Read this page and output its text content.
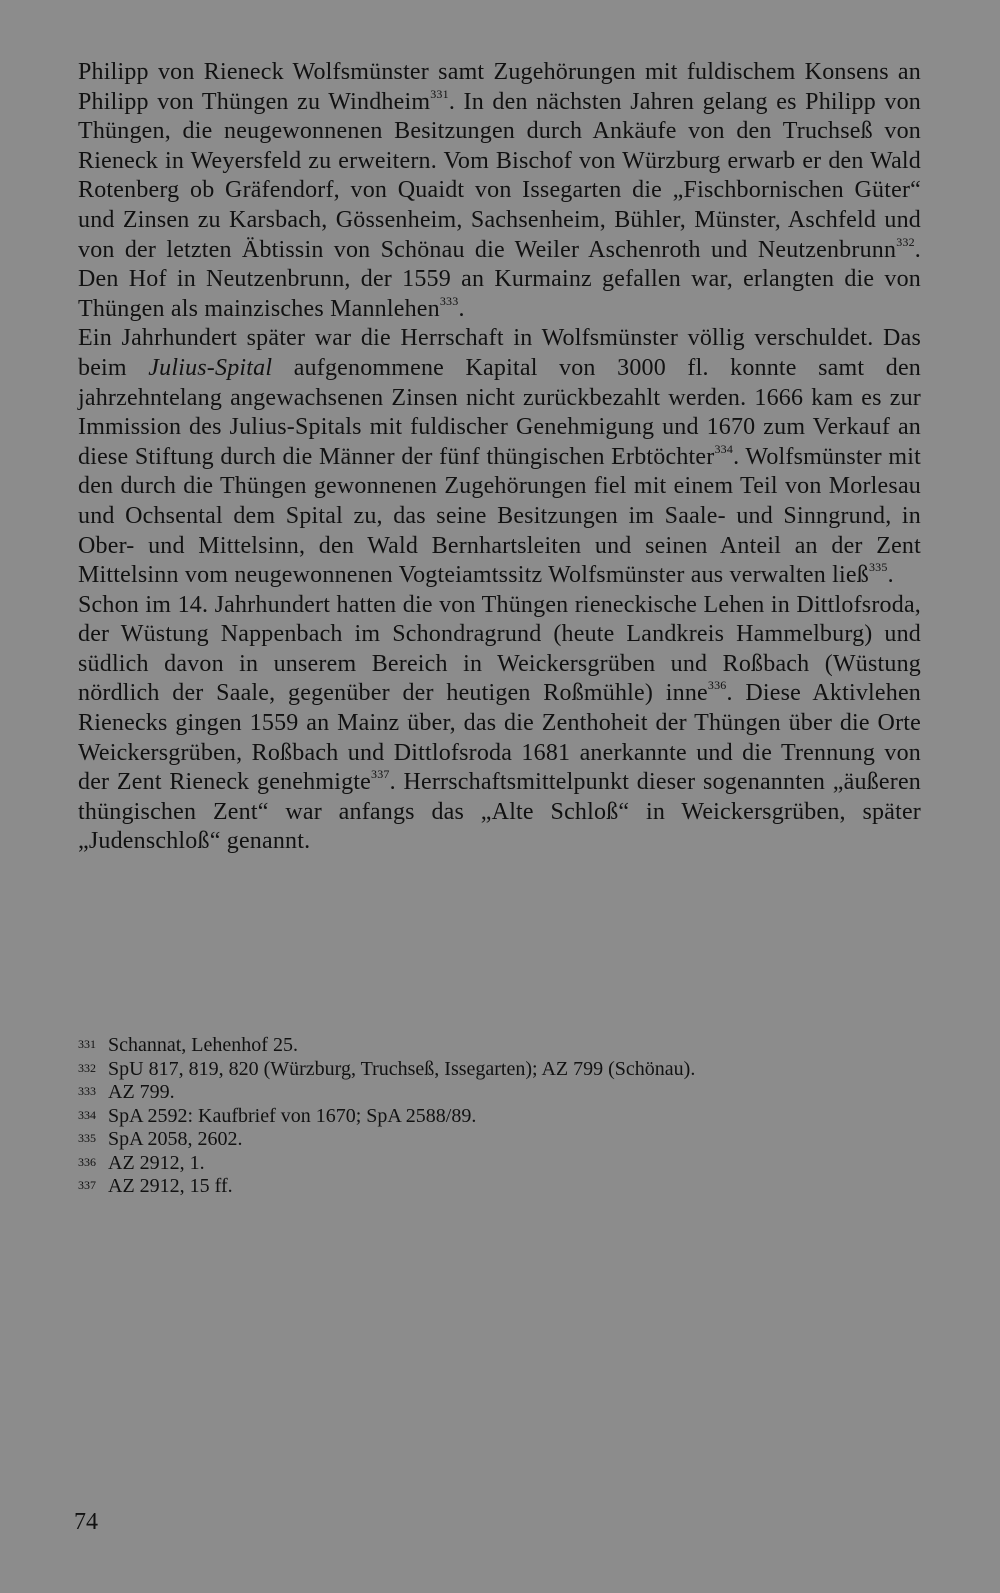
Philipp von Rieneck Wolfsmünster samt Zugehörungen mit fuldischem Konsens an Philipp von Thüngen zu Windheim$^{331}$. In den nächsten Jahren gelang es Philipp von Thüngen, die neugewonnenen Besitzungen durch Ankäufe von den Truchseß von Rieneck in Weyersfeld zu erweitern. Vom Bischof von Würzburg erwarb er den Wald Rotenberg ob Gräfendorf, von Quaidt von Issegarten die „Fischbornischen Güter“ und Zinsen zu Karsbach, Gössenheim, Sachsenheim, Bühler, Münster, Aschfeld und von der letzten Äbtissin von Schönau die Weiler Aschenroth und Neutzenbrunn$^{332}$. Den Hof in Neutzenbrunn, der 1559 an Kurmainz gefallen war, erlangten die von Thüngen als mainzisches Mannlehen$^{333}$.

Ein Jahrhundert später war die Herrschaft in Wolfsmünster völlig verschuldet. Das beim Julius-Spital aufgenommene Kapital von 3000 fl. konnte samt den jahrzehntelang angewachsenen Zinsen nicht zurückbezahlt werden. 1666 kam es zur Immission des Julius-Spitals mit fuldischer Genehmigung und 1670 zum Verkauf an diese Stiftung durch die Männer der fünf thüngischen Erbtöchter$^{334}$. Wolfsmünster mit den durch die Thüngen gewonnenen Zugehörungen fiel mit einem Teil von Morlesau und Ochsental dem Spital zu, das seine Besitzungen im Saale- und Sinngrund, in Ober- und Mittelsinn, den Wald Bernhartsleiten und seinen Anteil an der Zent Mittelsinn vom neugewonnenen Vogteiamtssitz Wolfsmünster aus verwalten ließ$^{335}$.

Schon im 14. Jahrhundert hatten die von Thüngen rieneckische Lehen in Dittlofsroda, der Wüstung Nappenbach im Schondragrund (heute Landkreis Hammelburg) und südlich davon in unserem Bereich in Weickersgrüben und Roßbach (Wüstung nördlich der Saale, gegenüber der heutigen Roßmühle) inne$^{336}$. Diese Aktivlehen Rienecks gingen 1559 an Mainz über, das die Zenthoheit der Thüngen über die Orte Weickersgrüben, Roßbach und Dittlofsroda 1681 anerkannte und die Trennung von der Zent Rieneck genehmigte$^{337}$. Herrschaftsmittelpunkt dieser sogenannten „äußeren thüngischen Zent“ war anfangs das „Alte Schloß“ in Weickersgrüben, später „Judenschloß“ genannt.

331 Schannat, Lehenhof 25.

332 SpU 817, 819, 820 (Würzburg, Truchseß, Issegarten); AZ 799 (Schönau).

333 AZ 799.

334 SpA 2592: Kaufbrief von 1670; SpA 2588/89.

335 SpA 2058, 2602.

336 AZ 2912, 1.

337 AZ 2912, 15 ff.

74
